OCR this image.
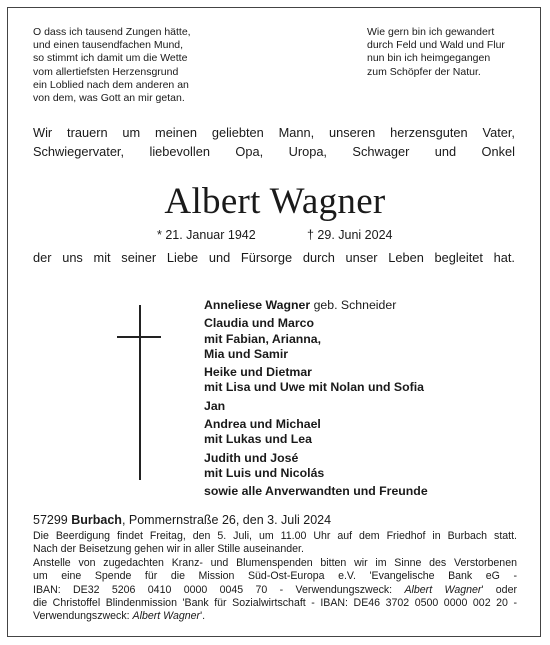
O dass ich tausend Zungen hätte,
und einen tausendfachen Mund,
so stimmt ich damit um die Wette
vom allertiefsten Herzensgrund
ein Loblied nach dem anderen an
von dem, was Gott an mir getan.
Wie gern bin ich gewandert
durch Feld und Wald und Flur
nun bin ich heimgegangen
zum Schöpfer der Natur.
Wir trauern um meinen geliebten Mann, unseren herzensguten Vater,
Schwiegervater, liebevollen Opa, Uropa, Schwager und Onkel
Albert Wagner
* 21. Januar 1942	† 29. Juni 2024
der uns mit seiner Liebe und Fürsorge durch unser Leben begleitet hat.
Anneliese Wagner geb. Schneider
Claudia und Marco
mit Fabian, Arianna,
Mia und Samir
Heike und Dietmar
mit Lisa und Uwe mit Nolan und Sofia
Jan
Andrea und Michael
mit Lukas und Lea
Judith und José
mit Luis und Nicolás
sowie alle Anverwandten und Freunde
57299 Burbach, Pommernstraße 26, den 3. Juli 2024
Die Beerdigung findet Freitag, den 5. Juli, um 11.00 Uhr auf dem Friedhof in Burbach statt.
Nach der Beisetzung gehen wir in aller Stille auseinander.
Anstelle von zugedachten Kranz- und Blumenspenden bitten wir im Sinne des Verstorbenen
um eine Spende für die Mission Süd-Ost-Europa e.V. 'Evangelische Bank eG -
IBAN: DE32 5206 0410 0000 0045 70 - Verwendungszweck: Albert Wagner' oder
die Christoffel Blindenmission 'Bank für Sozialwirtschaft - IBAN: DE46 3702 0500 0000 002 20 -
Verwendungszweck: Albert Wagner'.
